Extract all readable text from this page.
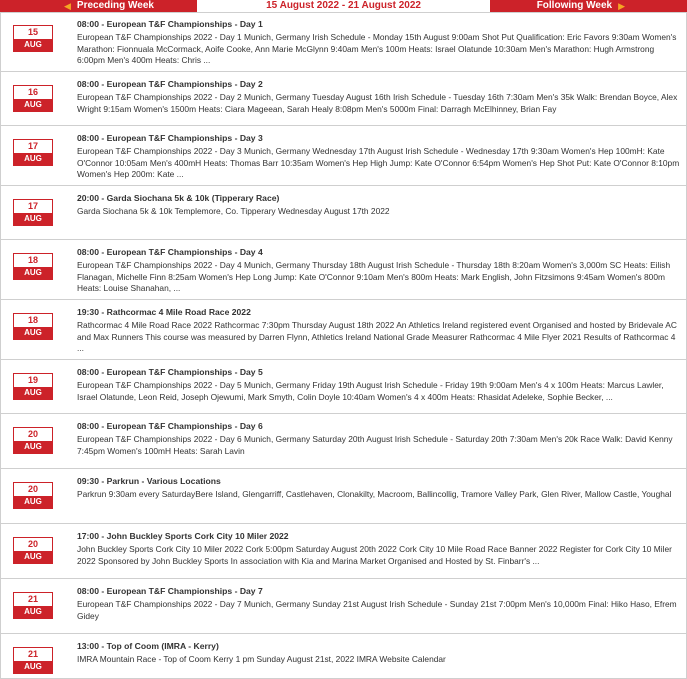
◀ Preceding Week	15 August 2022 - 21 August 2022	Following Week ▶
15
AUG
08:00 - European T&F Championships - Day 1
European T&F Championships 2022 - Day 1 Munich, Germany Irish Schedule - Monday 15th August 9:00am Shot Put Qualification: Eric Favors 9:30am Women's Marathon: Fionnuala McCormack, Aoife Cooke, Ann Marie McGlynn 9:40am Men's 100m Heats: Israel Olatunde 10:30am Men's Marathon: Hugh Armstrong 6:00pm Men's 400m Heats: Chris ...
16
AUG
08:00 - European T&F Championships - Day 2
European T&F Championships 2022 - Day 2 Munich, Germany Tuesday August 16th Irish Schedule - Tuesday 16th 7:30am Men's 35k Walk: Brendan Boyce, Alex Wright 9:15am Women's 1500m Heats: Ciara Mageean, Sarah Healy 8:08pm Men's 5000m Final: Darragh McElhinney, Brian Fay
17
AUG
08:00 - European T&F Championships - Day 3
European T&F Championships 2022 - Day 3 Munich, Germany Wednesday 17th August Irish Schedule - Wednesday 17th 9:30am Women's Hep 100mH: Kate O'Connor 10:05am Men's 400mH Heats: Thomas Barr 10:35am Women's Hep High Jump: Kate O'Connor 6:54pm Women's Hep Shot Put: Kate O'Connor 8:10pm Women's Hep 200m: Kate ...
17
AUG
20:00 - Garda Siochana 5k & 10k (Tipperary Race)
Garda Siochana 5k & 10k Templemore, Co. Tipperary Wednesday August 17th 2022
18
AUG
08:00 - European T&F Championships - Day 4
European T&F Championships 2022 - Day 4 Munich, Germany Thursday 18th August Irish Schedule - Thursday 18th 8:20am Women's 3,000m SC Heats: Eilish Flanagan, Michelle Finn 8:25am Women's Hep Long Jump: Kate O'Connor 9:10am Men's 800m Heats: Mark English, John Fitzsimons 9:45am Women's 800m Heats: Louise Shanahan, ...
18
AUG
19:30 - Rathcormac 4 Mile Road Race 2022
Rathcormac 4 Mile Road Race 2022 Rathcormac 7:30pm Thursday August 18th 2022 An Athletics Ireland registered event Organised and hosted by Bridevale AC and Max Runners This course was measured by Darren Flynn, Athletics Ireland National Grade Measurer Rathcormac 4 Mile Flyer 2021 Results of Rathcormac 4 ...
19
AUG
08:00 - European T&F Championships - Day 5
European T&F Championships 2022 - Day 5 Munich, Germany Friday 19th August Irish Schedule - Friday 19th 9:00am Men's 4 x 100m Heats: Marcus Lawler, Israel Olatunde, Leon Reid, Joseph Ojewumi, Mark Smyth, Colin Doyle 10:40am Women's 4 x 400m Heats: Rhasidat Adeleke, Sophie Becker, ...
20
AUG
08:00 - European T&F Championships - Day 6
European T&F Championships 2022 - Day 6 Munich, Germany Saturday 20th August Irish Schedule - Saturday 20th 7:30am Men's 20k Race Walk: David Kenny 7:45pm Women's 100mH Heats: Sarah Lavin
20
AUG
09:30 - Parkrun - Various Locations
Parkrun 9:30am every SaturdayBere Island, Glengarriff, Castlehaven, Clonakilty, Macroom, Ballincollig, Tramore Valley Park, Glen River, Mallow Castle, Youghal
20
AUG
17:00 - John Buckley Sports Cork City 10 Miler 2022
John Buckley Sports Cork City 10 Miler 2022 Cork 5:00pm Saturday August 20th 2022 Cork City 10 Mile Road Race Banner 2022 Register for Cork City 10 Miler 2022 Sponsored by John Buckley Sports In association with Kia and Marina Market Organised and Hosted by St. Finbarr's ...
21
AUG
08:00 - European T&F Championships - Day 7
European T&F Championships 2022 - Day 7 Munich, Germany Sunday 21st August Irish Schedule - Sunday 21st 7:00pm Men's 10,000m Final: Hiko Haso, Efrem Gidey
21
AUG
13:00 - Top of Coom (IMRA - Kerry)
IMRA Mountain Race - Top of Coom Kerry 1 pm Sunday August 21st, 2022 IMRA Website Calendar
